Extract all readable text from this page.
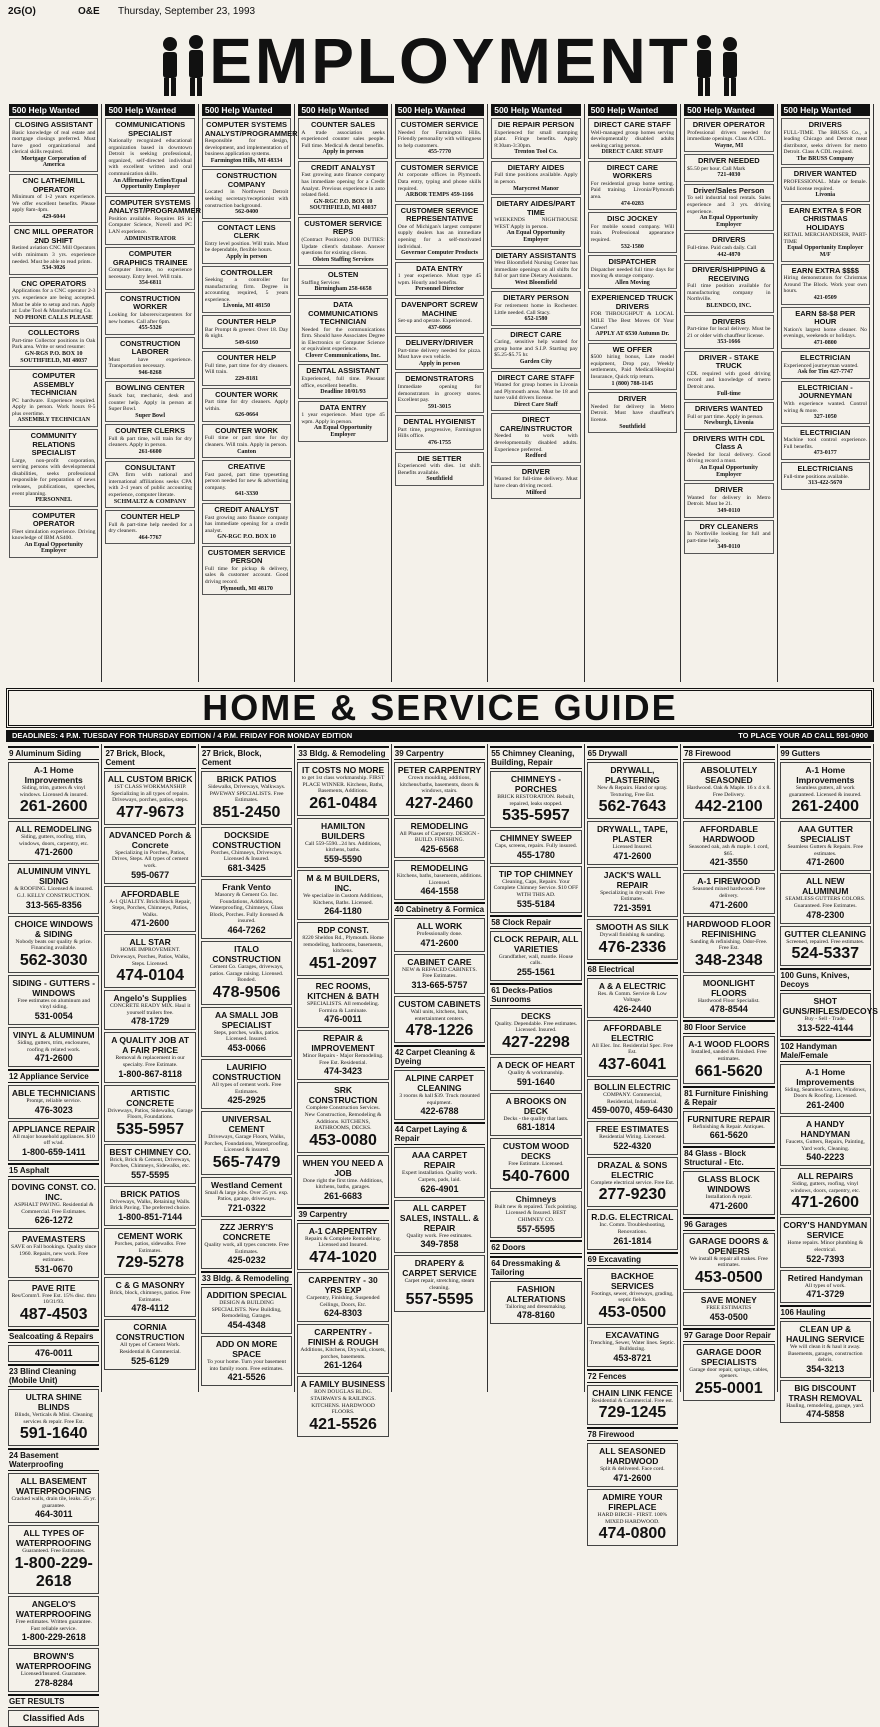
2G(O)	O&E Thursday, September 23, 1993
EMPLOYMENT
500 Help Wanted
CLOSING ASSISTANT

Basic knowledge of real estate and mortgage closings preferred. Must have good organizational and clerical skills required.

Mortgage Corporation of America
CNC LATHE/MILL OPERATOR

Minimum of 1-2 years experience. We offer excellent benefits. Please apply 8am-4pm.

429-6044
CNC MILL OPERATOR 2ND SHIFT

Retired aviation CNC Mill Operators with minimum 3 yrs. experience needed. Must be able to read prints.

534-3026
CNC OPERATORS

Applications for a CNC operator 2-3 yrs. experience are being accepted. Must be able to setup and run. Apply at: Lube Tool & Manufacturing Co.

NO PHONE CALLS PLEASE
COLLECTORS

Part-time Collector positions in Oak Park area. Write or send resume:

GN-RGS P.O. BOX 10 SOUTHFIELD, MI 48037
COMPUTER ASSEMBLY TECHNICIAN

PC hardware. Experience required. Apply in person. Work hours 8-5 plus overtime.

ASSEMBLY TECHNICIAN
COMMUNITY RELATIONS SPECIALIST

Large, non-profit corporation, serving persons with developmental disabilities, seeks professional responsible for preparation of news releases, publications, speeches, event planning.

PERSONNEL
COMPUTER OPERATOR

Fleet simulation experience. Driving knowledge of IBM AS400.

An Equal Opportunity Employer
500 Help Wanted
COMMUNICATIONS SPECIALIST

Nationally recognized educational organization based in downtown Detroit is seeking professional, organized, self-directed individual with excellent written and oral communication skills.

An Affirmative Action/Equal Opportunity Employer
COMPUTER SYSTEMS ANALYST/PROGRAMMER

Position available. Requires BS in Computer Science, Novell and PC LAN experience.

ADMINISTRATOR
COMPUTER GRAPHICS TRAINEE

Computer literate, no experience necessary. Entry level. Will train.

354-6811
CONSTRUCTION WORKER

Looking for laborers/carpenters for new homes. Call after 6pm.

455-5326
CONSTRUCTION LABORER

Must have experience. Transportation necessary.

946-8268
BOWLING CENTER

Snack bar, mechanic, desk and counter help. Apply in person at Super Bowl.

Super Bowl
COUNTER CLERKS

Full & part time, will train for dry cleaners. Apply in person.

261-6600
CONSULTANT

CPA firm with national and international affiliations seeks CPA with 2-4 years of public accounting experience, computer literate.

SCHMALTZ & COMPANY
COUNTER HELP

Full & part-time help needed for a dry cleaners.

464-7767
500 Help Wanted
COMPUTER SYSTEMS ANALYST/PROGRAMMER

Responsible for design, development, and implementation of business application systems.

Farmington Hills, MI 48334
CONSTRUCTION COMPANY

Located in Northwest Detroit seeking secretary/receptionist with construction background.

562-0400
CONTACT LENS CLERK

Entry level position. Will train. Must be dependable, flexible hours.

Apply in person
CONTROLLER

Seeking a controller for manufacturing firm. Degree in accounting required, 5 years experience.

Livonia, MI 48150
COUNTER HELP

Bar Prompt & greeter. Over 18. Day & night.

549-6160
COUNTER HELP

Full time, part time for dry cleaners. Will train.

229-8181
COUNTER WORK

Part time for dry cleaners. Apply within.

626-0664
COUNTER WORK

Full time or part time for dry cleaners. Will train. Apply in person.

Canton
CREATIVE

Fast paced, part time typesetting person needed for new & advertising company.

641-3330
CREDIT ANALYST

Fast growing auto finance company has immediate opening for a credit analyst.

GN-RGC P.O. BOX 10
CUSTOMER SERVICE PERSON

Full time for pickup & delivery, sales & customer account. Good driving record.

Plymouth, MI 48170
500 Help Wanted
COUNTER SALES

A trade association seeks experienced counter sales people. Full time. Medical & dental benefits.

Apply in person
CREDIT ANALYST

Fast growing auto finance company has immediate opening for a Credit Analyst. Previous experience in auto related field.

GN-RGC P.O. BOX 10 SOUTHFIELD, MI 48037
CUSTOMER SERVICE REPS

(Contract Positions) JOB DUTIES: Update client's database. Answer questions for existing clients.

Olsten Staffing Services
OLSTEN

Staffing Services

Birmingham 258-6658
DATA COMMUNICATIONS TECHNICIAN

Needed for the communications firm. Should have Associates Degree in Electronics or Computer Science or equivalent experience.

Clover Communications, Inc.
DENTAL ASSISTANT

Experienced, full time. Pleasant office, excellent benefits.

Deadline 10/01/93
DATA ENTRY

1 year experience. Must type 45 wpm. Apply in person.

An Equal Opportunity Employer
500 Help Wanted
CUSTOMER SERVICE

Needed for Farmington Hills. Friendly personality with willingness to help customers.

455-7770
CUSTOMER SERVICE

At corporate offices in Plymouth. Data entry, typing and phone skills required.

ARBOR TEMPS 459-1166
CUSTOMER SERVICE REPRESENTATIVE

One of Michigan's largest computer supply dealers has an immediate opening for a self-motivated individual.

Governor Computer Products
DATA ENTRY

1 year experience. Must type 45 wpm. Hourly and benefits.

Personnel Director
DAVENPORT SCREW MACHINE

Set-up and operate. Experienced.

437-6066
DELIVERY/DRIVER

Part-time delivery needed for pizza. Must have own vehicle.

Apply in person
DEMONSTRATORS

Immediate opening for demonstrators in grocery stores. Excellent pay.

591-3015
DENTAL HYGIENIST

Part time, progressive, Farmington Hills office.

476-1755
DIE SETTER

Experienced with dies. 1st shift. Benefits available.

Southfield
500 Help Wanted
DIE REPAIR PERSON

Experienced for small stamping plant. Fringe benefits. Apply 8:30am-3:30pm.

Trenton Tool Co.
DIETARY AIDES

Full time positions available. Apply in person.

Marycrest Manor
DIETARY AIDES/PART TIME

WEEKENDS NIGHTHOUSE WEST Apply in person.

An Equal Opportunity Employer
DIETARY ASSISTANTS

West Bloomfield Nursing Center has immediate openings on all shifts for full or part time Dietary Assistants.

West Bloomfield
DIETARY PERSON

For retirement home in Rochester. Little needed. Call Stacy.

652-1580
DIRECT CARE

Caring, sensitive help wanted for group home and S.I.P. Starting pay $5.25-$5.75 hr.

Garden City
DIRECT CARE STAFF

Wanted for group homes in Livonia and Plymouth areas. Must be 18 and have valid drivers license.

Direct Care Staff
DIRECT CARE/INSTRUCTOR

Needed to work with developmentally disabled adults. Experience preferred.

Redford
DRIVER

Wanted for full-time delivery. Must have clean driving record.

Milford
500 Help Wanted
DIRECT CARE STAFF

Well-managed group homes serving developmentally disabled adults seeking caring person.

DIRECT CARE STAFF
DIRECT CARE WORKERS

For residential group home setting. Paid training. Livonia/Plymouth area.

474-0283
DISC JOCKEY

For mobile sound company. Will train. Professional appearance required.

532-1580
DISPATCHER

Dispatcher needed full time days for moving & storage company.

Allen Moving
EXPERIENCED TRUCK DRIVERS

FOR THROUGHPUT & LOCAL MILE The Best Moves Of Your Career!

APPLY AT 6530 Autumn Dr.
WE OFFER

$500 hiring bonus, Late model equipment, Drop pay, Weekly settlements, Paid Medical/Hospital Insurance, Quick trip return.

1 (800) 788-1145
DRIVER

Needed for delivery in Metro Detroit. Must have chauffeur's license.

Southfield
500 Help Wanted
DRIVER OPERATOR

Professional drivers needed for immediate openings. Class A CDL.

Wayne, MI
DRIVER NEEDED

$5.50 per hour. Call Mark

721-4030
Driver/Sales Person

To sell industrial tool rentals. Sales experience and 3 yrs. driving experience.

An Equal Opportunity Employer
DRIVERS

Full-time. Paid cash daily. Call

442-4870
DRIVER/SHIPPING & RECEIVING

Full time position available for manufacturing company in Northville.

BLENDCO, INC.
DRIVERS

Part-time for local delivery. Must be 21 or older with chauffeur license.

353-1666
DRIVER - STAKE TRUCK

CDL required with good driving record and knowledge of metro Detroit area.

Full-time
DRIVERS WANTED

Full or part time. Apply in person.

Newburgh, Livonia
DRIVERS WITH CDL Class A

Needed for local delivery. Good driving record a must.

An Equal Opportunity Employer
DRIVER

Wanted for delivery in Metro Detroit. Must be 21.

349-0110
DRY CLEANERS

In Northville looking for full and part-time help.

349-0110
500 Help Wanted
DRIVERS

FULL-TIME. The BRUSS Co., a leading Chicago and Detroit meat distributor, seeks drivers for metro Detroit. Class A CDL required.

The BRUSS Company
DRIVER WANTED

PROFESSIONAL. Male or female. Valid license required.

Livonia
EARN EXTRA $ FOR CHRISTMAS HOLIDAYS

RETAIL MERCHANDISER, PART-TIME

Equal Opportunity Employer M/F
EARN EXTRA $$$$

Hiring demonstrators for Christmas Around The Block. Work your own hours.

421-0509
EARN $8-$8 PER HOUR

Nation's largest home cleaner. No evenings, weekends or holidays.

471-0800
ELECTRICIAN

Experienced journeyman wanted.

Ask for Tim 427-7747
ELECTRICIAN - JOURNEYMAN

With experience wanted. Control wiring & more.

327-1050
ELECTRICIAN

Machine tool control experience. Full benefits.

473-0177
ELECTRICIANS

Full-time positions available.

313-422-5670
HOME & SERVICE GUIDE
DEADLINES: 4 P.M. TUESDAY FOR THURSDAY EDITION / 4 P.M. FRIDAY FOR MONDAY EDITION	TO PLACE YOUR AD CALL 591-0900
9 Aluminum Siding
A-1 Home Improvements
Siding, trim, gutters & vinyl windows. Licensed & insured.
261-2600
ALL REMODELING
Siding, gutters, roofing, trim, windows, doors, carpentry, etc.
471-2600
ALUMINUM VINYL SIDING
& ROOFING. Licensed & insured. G.J. KELLY CONSTRUCTION.
313-565-8356
CHOICE WINDOWS & SIDING
Nobody beats our quality & price. Financing available.
562-3030
SIDING - GUTTERS - WINDOWS
Free estimates on aluminum and vinyl siding.
531-0054
VINYL & ALUMINUM
Siding, gutters, trim, enclosures, roofing & related work.
471-2600
12 Appliance Service
ABLE TECHNICIANS
Prompt, reliable service.
476-3023
APPLIANCE REPAIR
All major household appliances. $10 off w/ad.
1-800-659-1411
15 Asphalt
DOVING CONST. CO. INC.
ASPHALT PAVING. Residential & Commercial. Free Estimates.
626-1272
PAVEMASTERS
SAVE on Fall bookings. Quality since 1960. Repairs, new work. Free estimates.
531-0670
PAVE RITE
Res/Comm'l. Free Est. 15% disc. thru 10/31/93.
487-4503
Sealcoating & Repairs
476-0011
23 Blind Cleaning (Mobile Unit)
ULTRA SHINE BLINDS
Blinds, Verticals & Mini. Cleaning services & repair. Free Est.
591-1640
24 Basement Waterproofing
ALL BASEMENT WATERPROOFING
Cracked walls, drain tile, leaks. 25 yr. guarantee.
464-3011
ALL TYPES OF WATERPROOFING
Guaranteed. Free Estimates.
1-800-229-2618
ANGELO'S WATERPROOFING
Free estimates. Written guarantee. Fast reliable service.
1-800-229-2618
BROWN'S WATERPROOFING
Licensed/Insured. Guarantee.
278-8284
GET RESULTS
Classified Ads
27 Brick, Block, Cement
ALL CUSTOM BRICK
1ST CLASS WORKMANSHIP. Specializing in all types of repairs. Driveways, porches, patios, steps.
477-9673
ADVANCED Porch & Concrete
Specializing in Porches, Patios, Drives, Steps. All types of cement work.
595-0677
AFFORDABLE
A-1 QUALITY. Brick/Block Repair, Steps, Porches, Chimneys, Patios, Walks.
471-2600
ALL STAR
HOME IMPROVEMENT. Driveways, Porches, Patios, Walks, Steps. Licensed.
474-0104
Angelo's Supplies
CONCRETE READY MIX. Haul it yourself trailers free.
478-1729
A QUALITY JOB AT A FAIR PRICE
Removal & replacement in our specialty. Free Estimate.
1-800-867-8118
ARTISTIC CONCRETE
Driveways, Patios, Sidewalks, Garage Floors, Foundations.
535-5957
BEST CHIMNEY CO.
Brick, Brick & Cement, Driveways, Porches, Chimneys, Sidewalks, etc.
557-5595
BRICK PATIOS
Driveways, Walks, Retaining Walls. Brick Paving. The preferred choice.
1-800-851-7144
CEMENT WORK
Porches, patios, sidewalks. Free Estimates.
729-5278
C & G MASONRY
Brick, block, chimneys, patios. Free Estimates.
478-4112
CORNIA CONSTRUCTION
All types of Cement Work. Residential & Commercial.
525-6129
27 Brick, Block, Cement
BRICK PATIOS
Sidewalks, Driveways, Walkways. PAVEWAY SPECIALISTS. Free Estimates.
851-2450
DOCKSIDE CONSTRUCTION
Porches, Chimneys, Driveways. Licensed & Insured.
681-3425
Frank Vento
Masonry & Cement Co. Inc. Foundations, Additions, Waterproofing, Chimneys, Glass Block, Porches. Fully licensed & insured.
464-7262
ITALO CONSTRUCTION
Cement Co. Garages, driveways, patios. Garage raising. Licensed. Bonded.
478-9506
AA SMALL JOB SPECIALIST
Steps, porches, walks, patios. Licensed. Insured.
453-0066
LAURIFIO CONSTRUCTION
All types of cement work. Free Estimates.
425-2925
UNIVERSAL CEMENT
Driveways, Garage Floors, Walks, Porches, Foundations, Waterproofing. Licensed & insured.
565-7479
Westland Cement
Small & large jobs. Over 25 yrs. exp. Patios, garage, driveways.
721-0322
ZZZ JERRY'S CONCRETE
Quality work, all types concrete. Free Estimates.
425-0232
33 Bldg. & Remodeling
ADDITION SPECIAL
DESIGN & BUILDING SPECIALISTS. New Building, Remodeling, Garages.
454-4348
ADD ON MORE SPACE
To your home. Turn your basement into family room. Free estimates.
421-5526
33 Bldg. & Remodeling
IT COSTS NO MORE
to get 1st class workmanship. FIRST PLACE WINNER. Kitchens, Baths, Basements, Additions.
261-0484
HAMILTON BUILDERS
Call 559-5590...24 hrs. Additions, kitchens, baths.
559-5590
M & M BUILDERS, INC.
We specialize in Custom Additions, Kitchens, Baths. Licensed.
264-1180
RDP CONST.
8220 Sheldon Rd., Plymouth. Home remodeling, bathrooms, basements, kitchens.
451-2097
REC ROOMS, KITCHEN & BATH
SPECIALISTS. All remodeling. Formica & Laminate.
476-0011
REPAIR & IMPROVEMENT
Minor Repairs - Major Remodeling. Free Est. Residential.
474-3423
SRK CONSTRUCTION
Complete Construction Services. New Construction, Remodeling & Additions. KITCHENS, BATHROOMS, DECKS.
453-0080
WHEN YOU NEED A JOB
Done right the first time. Additions, kitchens, baths, garages.
261-6683
39 Carpentry
A-1 CARPENTRY
Repairs & Complete Remodeling. Licensed and Insured.
474-1020
CARPENTRY - 30 YRS EXP
Carpentry, Finishing. Suspended Ceilings, Doors, Etc.
624-8303
CARPENTRY - FINISH & ROUGH
Additions, Kitchens, Drywall, closets, porches, basements.
261-1264
A FAMILY BUSINESS
RON DOUGLAS BLDG. STAIRWAYS & RAILINGS. KITCHENS. HARDWOOD FLOORS.
421-5526
39 Carpentry
PETER CARPENTRY
Crown moulding, additions, kitchens/baths, basements, doors & windows, stairs.
427-2460
REMODELING
All Phases of Carpentry. DESIGN - BUILD. FINISHING.
425-6568
REMODELING
Kitchens, baths, basements, additions. Licensed.
464-1558
40 Cabinetry & Formica
ALL WORK
Professionally done.
471-2600
CABINET CARE
NEW & REFACED CABINETS. Free Estimates.
313-665-5757
CUSTOM CABINETS
Wall units, kitchens, bars, entertainment centers.
478-1226
42 Carpet Cleaning & Dyeing
ALPINE CARPET CLEANING
3 rooms & hall $39. Truck mounted equipment.
422-6788
44 Carpet Laying & Repair
AAA CARPET REPAIR
Expert installation. Quality work. Carpets, pads, laid.
626-4901
ALL CARPET SALES, INSTALL. & REPAIR
Quality work. Free estimates.
349-7858
DRAPERY & CARPET SERVICE
Carpet repair, stretching, steam cleaning.
557-5595
55 Chimney Cleaning, Building, Repair
CHIMNEYS - PORCHES
BRICK RESTORATION. Rebuilt, repaired, leaks stopped.
535-5957
CHIMNEY SWEEP
Caps, screens, repairs. Fully insured.
455-1780
TIP TOP CHIMNEY
Cleaning, Caps, Repairs. Your Complete Chimney Service. $10 OFF WITH THIS AD.
535-5184
58 Clock Repair
CLOCK REPAIR, ALL VARIETIES
Grandfather, wall, mantle. House calls.
255-1561
61 Decks-Patios Sunrooms
DECKS
Quality. Dependable. Free estimates. Licensed. Insured.
427-2298
A DECK OF HEART
Quality & workmanship.
591-1640
A BROOKS ON DECK
Decks - the quality that lasts.
681-1814
CUSTOM WOOD DECKS
Free Estimate. Licensed.
540-7600
Chimneys
Built new & repaired. Tuck pointing. Licensed & Insured. BEST CHIMNEY CO.
557-5595
62 Doors
64 Dressmaking & Tailoring
FASHION ALTERATIONS
Tailoring and dressmaking.
478-8160
65 Drywall
DRYWALL, PLASTERING
New & Repairs. Hand or spray. Texturing, Free Est.
562-7643
DRYWALL, TAPE, PLASTER
Licensed Insured.
471-2600
JACK'S WALL REPAIR
Specializing in drywall. Free Estimates.
721-3591
SMOOTH AS SILK
Drywall finishing & sanding.
476-2336
68 Electrical
A & A ELECTRIC
Res. & Comm. Service & Low Voltage.
426-2440
AFFORDABLE ELECTRIC
All Elec. Inc. Residential Spec. Free Est.
437-6041
BOLLIN ELECTRIC
COMPANY. Commercial, Residential, Industrial.
459-0070, 459-6430
FREE ESTIMATES
Residential Wiring. Licensed.
522-4320
DRAZAL & SONS ELECTRIC
Complete electrical service. Free Est.
277-9230
R.D.G. ELECTRICAL
Inc. Comm. Troubleshooting, Renovations.
261-1814
69 Excavating
BACKHOE SERVICES
Footings, sewer, driveways, grading, septic fields.
453-0500
EXCAVATING
Trenching, Sewer, Water lines. Septic. Bulldozing.
453-8721
72 Fences
CHAIN LINK FENCE
Residential & Commercial. Free est.
729-1245
78 Firewood
ALL SEASONED HARDWOOD
Split & delivered. Face cord.
471-2600
ADMIRE YOUR FIREPLACE
HARD BIRCH - FIRST. 100% MIXED HARDWOOD.
474-0800
78 Firewood
ABSOLUTELY SEASONED
Hardwood. Oak & Maple. 16 x 4 x 8. Free Delivery.
442-2100
AFFORDABLE HARDWOOD
Seasoned oak, ash & maple. 1 cord, $65.
421-3550
A-1 FIREWOOD
Seasoned mixed hardwood. Free delivery.
471-2600
HARDWOOD FLOOR REFINISHING
Sanding & refinishing. Odor-Free. Free Est.
348-2348
MOONLIGHT FLOORS
Hardwood Floor Specialist.
478-8544
80 Floor Service
A-1 WOOD FLOORS
Installed, sanded & finished. Free estimates.
661-5620
81 Furniture Finishing & Repair
FURNITURE REPAIR
Refinishing & Repair. Antiques.
661-5620
84 Glass - Block Structural - Etc.
GLASS BLOCK WINDOWS
Installation & repair.
471-2600
96 Garages
GARAGE DOORS & OPENERS
We install & repair all makes. Free estimates.
453-0500
SAVE MONEY
FREE ESTIMATES
453-0500
97 Garage Door Repair
GARAGE DOOR SPECIALISTS
Garage door repair, springs, cables, openers.
255-0001
99 Gutters
A-1 Home Improvements
Seamless gutters, all work guaranteed. Licensed & insured.
261-2400
AAA GUTTER SPECIALIST
Seamless Gutters & Repairs. Free estimates.
471-2600
ALL NEW ALUMINUM
SEAMLESS GUTTERS COLORS. Guaranteed. Free Estimates.
478-2300
GUTTER CLEANING
Screened, repaired. Free estimates.
524-5337
100 Guns, Knives, Decoys
SHOT GUNS/RIFLES/DECOYS
Buy - Sell - Trade.
313-522-4144
102 Handyman Male/Female
A-1 Home Improvements
Siding, Seamless Gutters, Windows, Doors & Roofing. Licensed.
261-2400
A HANDY HANDYMAN
Faucets, Gutters, Repairs, Painting, Yard work, Cleaning.
540-2223
ALL REPAIRS
Siding, gutters, roofing, vinyl windows, doors, carpentry, etc.
471-2600
CORY'S HANDYMAN SERVICE
Home repairs. Minor plumbing & electrical.
522-7393
Retired Handyman
All types of work.
471-3729
106 Hauling
CLEAN UP & HAULING SERVICE
We will clean it & haul it away. Basements, garages, construction debris.
354-3213
BIG DISCOUNT TRASH REMOVAL
Hauling, remodeling, garage, yard.
474-5858
